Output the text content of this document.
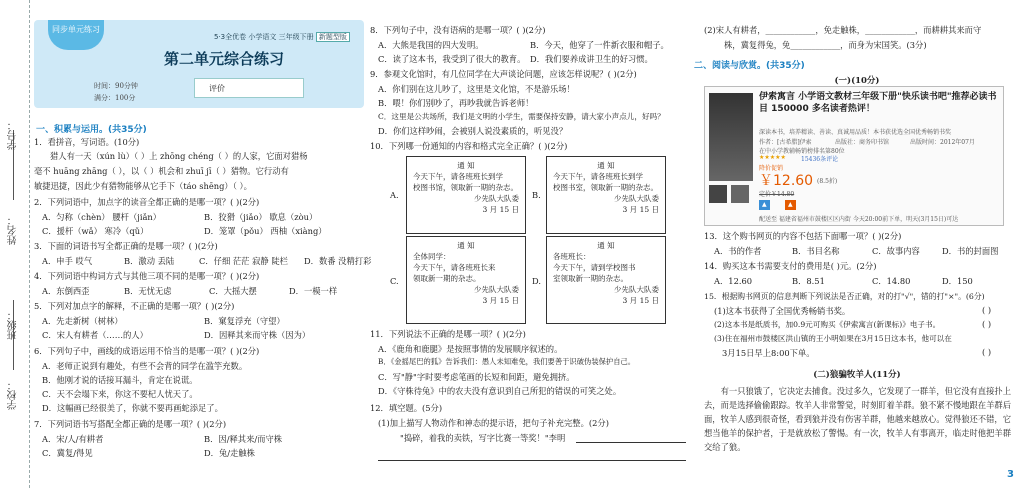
学校：
班级：
姓名：
学号：
同步单元练习
5·3全优卷 小学语文 三年级下册 新题型版
第二单元综合练习
时间：90分钟
满分：100分
评价
一、积累与运用。(共35分)
1．看拼音，写词语。(10分)
猎人有一天（xún lù）（ ）上 zhōng chéng（ ）的人家，它面对猎杨
毫不 huāng zhāng（ ），以（ ）机会和 zhuī jī（ ）猎物。它行动有
敏捷迅捷，因此少有猎物能够从它手下（táo shēng）（ ）。
2．下列词语中，加点字的读音全都正确的是哪一项？( )(2分)
A．匀称（chèn） 腰杆（jiǎn）	B．狡猾（jiǎo） 歇息（zòu）
C．援杆（wǎ） 寒冷（qǔ）	D．笼罩（pǒu） 西柚（xiàng）
3．下面的词语书写全都正确的是哪一项？( )(2分)
A．申手 哎气	B．激动 丢陆	C．仔细 茫茫 寂静 陡栏 D．数番 没精打彩
4．下列词语中构词方式与其他三项不同的是哪一项？( )(2分)
A．东倒西歪	B．无忧无虑	C．大摇大摆	D．一模一样
5．下列对加点字的解释，不正确的是哪一项？( )(2分)
A．先走新树（树林）	B．窠复浮充（守望）
C．宋人有耕者（……的人）	D．因释其来而守株（因为）
6．下列句子中，画线的成语运用不恰当的是哪一项？( )(2分)
A．老师正说到有趣处，有些不会背的同学在滥竽充数。
B．他刚才说的话接耳漏斗，肯定在说谎。
C．天不会塌下来，你这不要杞人忧天了。
D．这幅画已经很美了，你就不要再画蛇添足了。
7．下列词语书写搭配全都正确的是哪一项？( )(2分)
A．宋/人/有耕者	B．因/释其来/而守株
C．冀复/得见	D．兔/走触株
8．下列句子中，没有语病的是哪一项？( )(2分)
A．大熊是我国的四大发明。	B．今天，他穿了一件新衣服和帽子。
C．读了这本书，我受到了很大的教育。 D．我们要养成讲卫生的好习惯。
9．参观文化馆时，有几位同学在大声谈论问题，应该怎样说呢？( )(2分)
A．你们别在这儿吵了，这里是文化馆，不是游乐场！
B．喂！你们别吵了，再吵我就告诉老师！
C．这里是公共场所，我们是文明的小学生，需要保持安静，请大家小声点儿，好吗？
D．你们这样吵闹，会被别人说没素质的，听见没？
10．下列哪一份通知的内容和格式完全正确？( )(2分)
A.
通 知
今天下午，请各班班长到学
校图书馆，领取新一期的杂志。
少先队大队委
3 月 15 日
B.
通 知
今天下午，请各班班长到学
校图书室，领取新一期的杂志。
少先队大队委
3 月 15 日
C.
通 知
全体同学：
今天下午，请各班班长来
领取新一期的杂志。
少先队大队委
3 月 15 日
D.
通 知
各班班长：
今天下午，请到学校图书
室领取新一期的杂志。
少先队大队委
3 月 15 日
11．下列说法不正确的是哪一项？( )(2分)
A．《鹿角和鹿腿》是按照事情的发展顺序叙述的。
B．《金摇尾巴的狐》告诉我们：愚人未知难免，我们要善于识破伪装保护自己。
C．写"静"字时要考虑笔画的长短和间距，避免拥挤。
D．《守株待兔》中的农夫没有意识到自己所犯的错误的可笑之处。
12．填空题。(5分)
(1)加上描写人物动作和神态的提示语，把句子补充完整。(2分)
"捣碎，着我的卖铁，写字比赛一等奖！"李明
(2)宋人有耕者，____________，免走触株，____________，而耕耕其来而守
株，冀复得兔，免____________，而身为宋国笑。(3分)
二、阅读与欣赏。(共35分)
(一)(10分)
伊索寓言 小学语文教材三年级下册"快乐读书吧"推荐必读书目 150000 多名读者热评！
深读本书，培养精读、善读、真诚用品质！本书获优选全国优秀畅销书奖
作者：[古希腊]伊索	出版社：商务印书馆	出版时间：2012年07月
在中小学教辅畅销榜排名第80位
★★★★★	15436条评论
降价促销
￥12.60 (8.5折)
定价￥14.80
▲	▲
配送至 福建省福州市鼓楼区区内街 今天20:00前下单，明天(3月15日)可达
13．这个购书网页的内容不包括下面哪一项？( )(2分)
A．书的作者	B．书目名称	C．故事内容	D．书的封面图
14．购买这本书需要支付的费用是( )元。(2分)
A．12.60	B．8.51	C．14.80	D．150
15．根据购书网页的信息判断下列说法是否正确，对的打"√"，错的打"×"。(6分)
(1)这本书获得了全国优秀畅销书奖。	( )
(2)这本书是纸质书，加0.9元可购买《伊索寓言(新课标)》电子书。	( )
(3)住在福州市鼓楼区洪山镇的王小明如果在3月15日这本书，他可以在
3月15日早上8:00下单。	( )
(二)狼骗牧羊人(11分)
有一只狼饿了，它决定去捕食。没过多久，它发现了一群羊，但它没有直接扑上去，而是选择偷偷跟踪。牧羊人非常警觉，时刻盯着羊群。狼不紧不慢地跟在羊群后面，牧羊人感到很奇怪，看到狼并没有伤害羊群，他越来越放心。觉得狼还不错，它想当他羊的保护者，于是就放松了警惕。有一次，牧羊人有事离开，临走时他把羊群交给了狼。
3
